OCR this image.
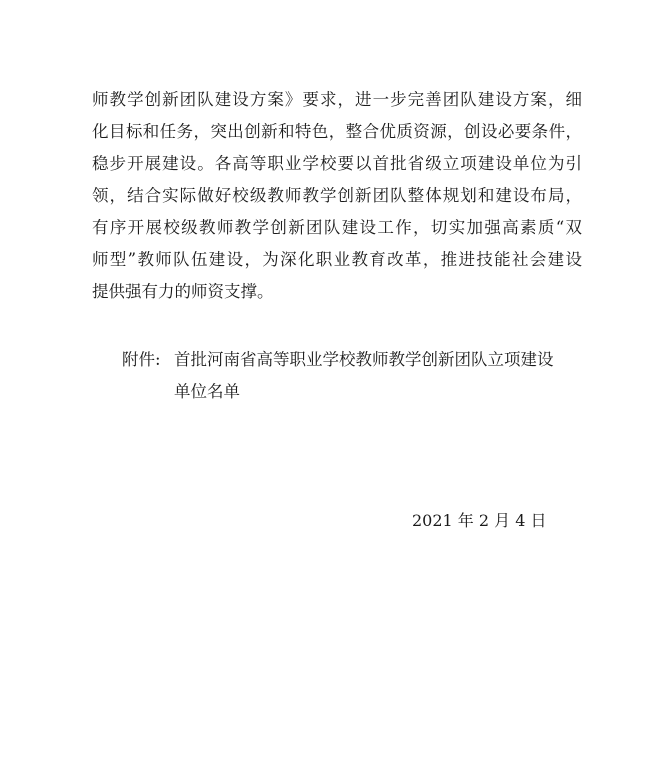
师教学创新团队建设方案》要求，进一步完善团队建设方案，细
化目标和任务，突出创新和特色，整合优质资源，创设必要条件，
稳步开展建设。各高等职业学校要以首批省级立项建设单位为引
领，结合实际做好校级教师教学创新团队整体规划和建设布局，
有序开展校级教师教学创新团队建设工作，切实加强高素质“双
师型”教师队伍建设，为深化职业教育改革，推进技能社会建设
提供强有力的师资支撑。
附件: 首批河南省高等职业学校教师教学创新团队立项建设
单位名单
2021 年 2 月 4 日
